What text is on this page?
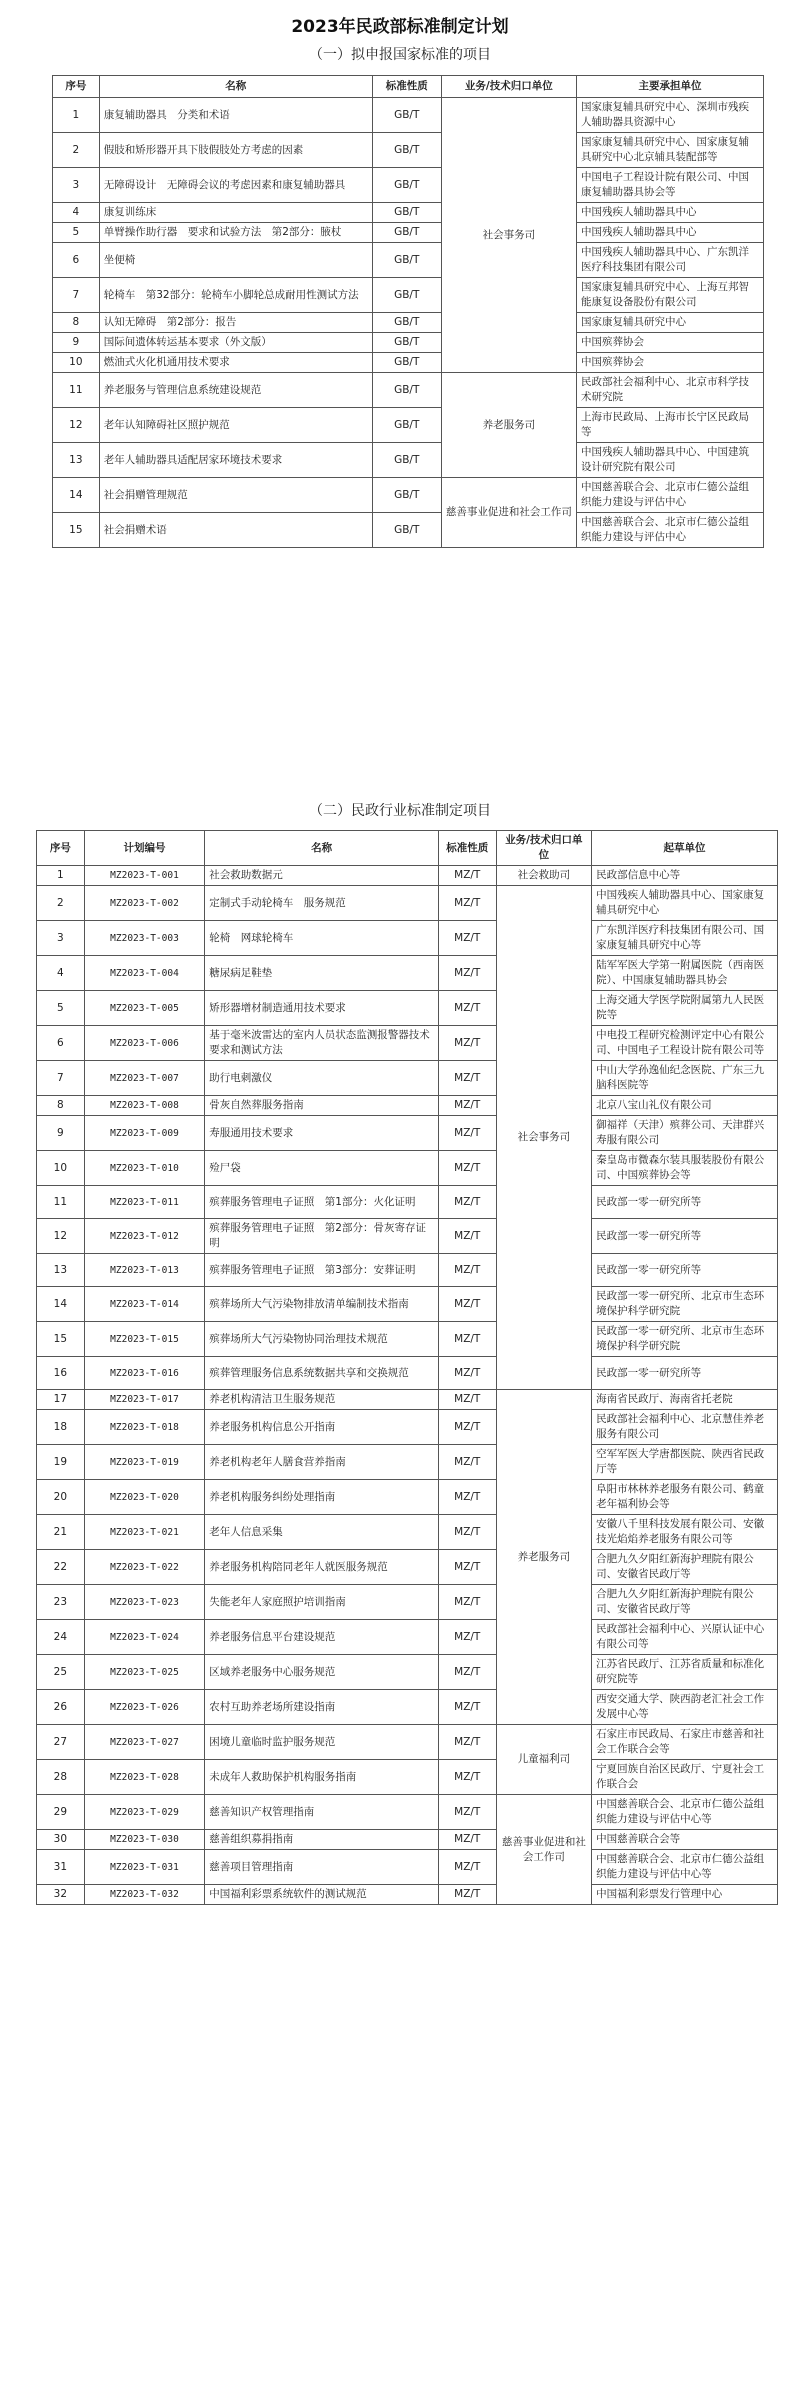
2023年民政部标准制定计划
（一）拟申报国家标准的项目
序号	名称	标准性质	业务/技术归口单位	主要承担单位
1	康复辅助器具　分类和术语	GB/T	社会事务司	国家康复辅具研究中心、深圳市残疾人辅助器具资源中心
2	假肢和矫形器开具下肢假肢处方考虑的因素	GB/T		国家康复辅具研究中心、国家康复辅具研究中心北京辅具装配部等
3	无障碍设计　无障碍会议的考虑因素和康复辅助器具	GB/T		中国电子工程设计院有限公司、中国康复辅助器具协会等
4	康复训练床	GB/T		中国残疾人辅助器具中心
5	单臂操作助行器　要求和试验方法　第2部分：腋杖	GB/T		中国残疾人辅助器具中心
6	坐便椅	GB/T		中国残疾人辅助器具中心、广东凯洋医疗科技集团有限公司
7	轮椅车　第32部分：轮椅车小脚轮总成耐用性测试方法	GB/T		国家康复辅具研究中心、上海互邦智能康复设备股份有限公司
8	认知无障碍　第2部分：报告	GB/T		国家康复辅具研究中心
9	国际间遗体转运基本要求（外文版）	GB/T		中国殡葬协会
10	燃油式火化机通用技术要求	GB/T		中国殡葬协会
11	养老服务与管理信息系统建设规范	GB/T	养老服务司	民政部社会福利中心、北京市科学技术研究院
12	老年认知障碍社区照护规范	GB/T		上海市民政局、上海市长宁区民政局等
13	老年人辅助器具适配居家环境技术要求	GB/T		中国残疾人辅助器具中心、中国建筑设计研究院有限公司
14	社会捐赠管理规范	GB/T	慈善事业促进和社会工作司	中国慈善联合会、北京市仁德公益组织能力建设与评估中心
15	社会捐赠术语	GB/T		中国慈善联合会、北京市仁德公益组织能力建设与评估中心
（二）民政行业标准制定项目
序号	计划编号	名称	标准性质	业务/技术归口单位	起草单位
1	MZ2023-T-001	社会救助数据元	MZ/T	社会救助司	民政部信息中心等
2	MZ2023-T-002	定制式手动轮椅车　服务规范	MZ/T	社会事务司	中国残疾人辅助器具中心、国家康复辅具研究中心
3	MZ2023-T-003	轮椅　网球轮椅车	MZ/T		广东凯洋医疗科技集团有限公司、国家康复辅具研究中心等
4	MZ2023-T-004	糖尿病足鞋垫	MZ/T		陆军军医大学第一附属医院（西南医院）、中国康复辅助器具协会
5	MZ2023-T-005	矫形器增材制造通用技术要求	MZ/T		上海交通大学医学院附属第九人民医院等
6	MZ2023-T-006	基于毫米波雷达的室内人员状态监测报警器技术要求和测试方法	MZ/T		中电投工程研究检测评定中心有限公司、中国电子工程设计院有限公司等
7	MZ2023-T-007	助行电刺激仪	MZ/T		中山大学孙逸仙纪念医院、广东三九脑科医院等
8	MZ2023-T-008	骨灰自然葬服务指南	MZ/T		北京八宝山礼仪有限公司
9	MZ2023-T-009	寿服通用技术要求	MZ/T		御福祥（天津）殡葬公司、天津群兴寿服有限公司
10	MZ2023-T-010	殓尸袋	MZ/T		秦皇岛市微森尔装具服装股份有限公司、中国殡葬协会等
11	MZ2023-T-011	殡葬服务管理电子证照　第1部分：火化证明	MZ/T		民政部一零一研究所等
12	MZ2023-T-012	殡葬服务管理电子证照　第2部分：骨灰寄存证明	MZ/T		民政部一零一研究所等
13	MZ2023-T-013	殡葬服务管理电子证照　第3部分：安葬证明	MZ/T		民政部一零一研究所等
14	MZ2023-T-014	殡葬场所大气污染物排放清单编制技术指南	MZ/T		民政部一零一研究所、北京市生态环境保护科学研究院
15	MZ2023-T-015	殡葬场所大气污染物协同治理技术规范	MZ/T		民政部一零一研究所、北京市生态环境保护科学研究院
16	MZ2023-T-016	殡葬管理服务信息系统数据共享和交换规范	MZ/T		民政部一零一研究所等
17	MZ2023-T-017	养老机构清洁卫生服务规范	MZ/T	养老服务司	海南省民政厅、海南省托老院
18	MZ2023-T-018	养老服务机构信息公开指南	MZ/T		民政部社会福利中心、北京慧佳养老服务有限公司
19	MZ2023-T-019	养老机构老年人膳食营养指南	MZ/T		空军军医大学唐都医院、陕西省民政厅等
20	MZ2023-T-020	养老机构服务纠纷处理指南	MZ/T		阜阳市林林养老服务有限公司、鹤童老年福利协会等
21	MZ2023-T-021	老年人信息采集	MZ/T		安徽八千里科技发展有限公司、安徽技光焰焰养老服务有限公司等
22	MZ2023-T-022	养老服务机构陪同老年人就医服务规范	MZ/T		合肥九久夕阳红新海护理院有限公司、安徽省民政厅等
23	MZ2023-T-023	失能老年人家庭照护培训指南	MZ/T		合肥九久夕阳红新海护理院有限公司、安徽省民政厅等
24	MZ2023-T-024	养老服务信息平台建设规范	MZ/T		民政部社会福利中心、兴原认证中心有限公司等
25	MZ2023-T-025	区域养老服务中心服务规范	MZ/T		江苏省民政厅、江苏省质量和标准化研究院等
26	MZ2023-T-026	农村互助养老场所建设指南	MZ/T		西安交通大学、陕西韵老汇社会工作发展中心等
27	MZ2023-T-027	困境儿童临时监护服务规范	MZ/T	儿童福利司	石家庄市民政局、石家庄市慈善和社会工作联合会等
28	MZ2023-T-028	未成年人救助保护机构服务指南	MZ/T		宁夏回族自治区民政厅、宁夏社会工作联合会
29	MZ2023-T-029	慈善知识产权管理指南	MZ/T	慈善事业促进和社会工作司	中国慈善联合会、北京市仁德公益组织能力建设与评估中心等
30	MZ2023-T-030	慈善组织募捐指南	MZ/T		中国慈善联合会等
31	MZ2023-T-031	慈善项目管理指南	MZ/T		中国慈善联合会、北京市仁德公益组织能力建设与评估中心等
32	MZ2023-T-032	中国福利彩票系统软件的测试规范	MZ/T		中国福利彩票发行管理中心
